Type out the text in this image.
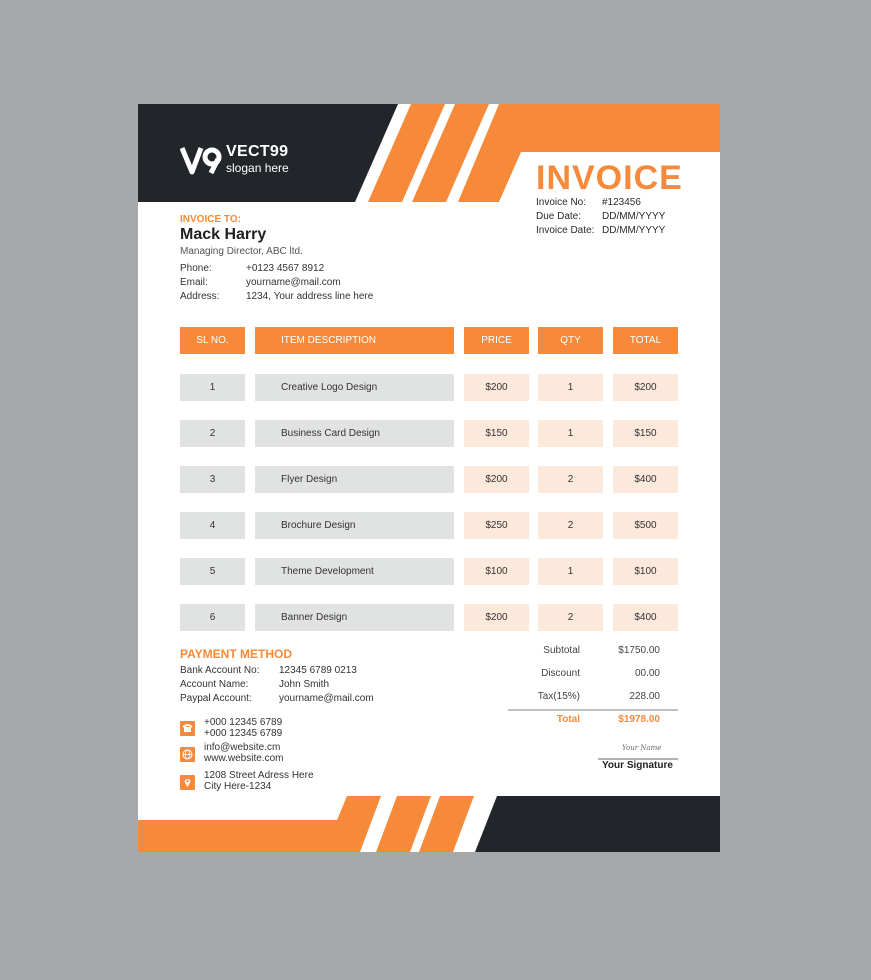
VECT99
slogan here	INVOICE
Invoice No: #123456
Due Date: DD/MM/YYYY
Invoice Date: DD/MM/YYYY
INVOICE TO:
Mack Harry
Managing Director, ABC ltd.
Phone:	+0123 4567 8912
Email:	yourname@mail.com
Address:	1234, Your address line here
SL NO.	ITEM DESCRIPTION	PRICE	QTY	TOTAL
1	Creative Logo Design	$200	1	$200
2	Business Card Design	$150	1	$150
3	Flyer Design	$200	2	$400
4	Brochure Design	$250	2	$500
5	Theme Development	$100	1	$100
6	Banner Design	$200	2	$400
PAYMENT METHOD
Bank Account No: 12345 6789 0213
Account Name:	John Smith
Paypal Account:	yourname@mail.com
Subtotal	$1750.00
Discount	00.00
Tax(15%)	228.00
Total	$1978.00
Your Name
Your Signature
+000 12345 6789
+000 12345 6789
info@website.cm
www.website.com
1208 Street Adress Here
City Here-1234
